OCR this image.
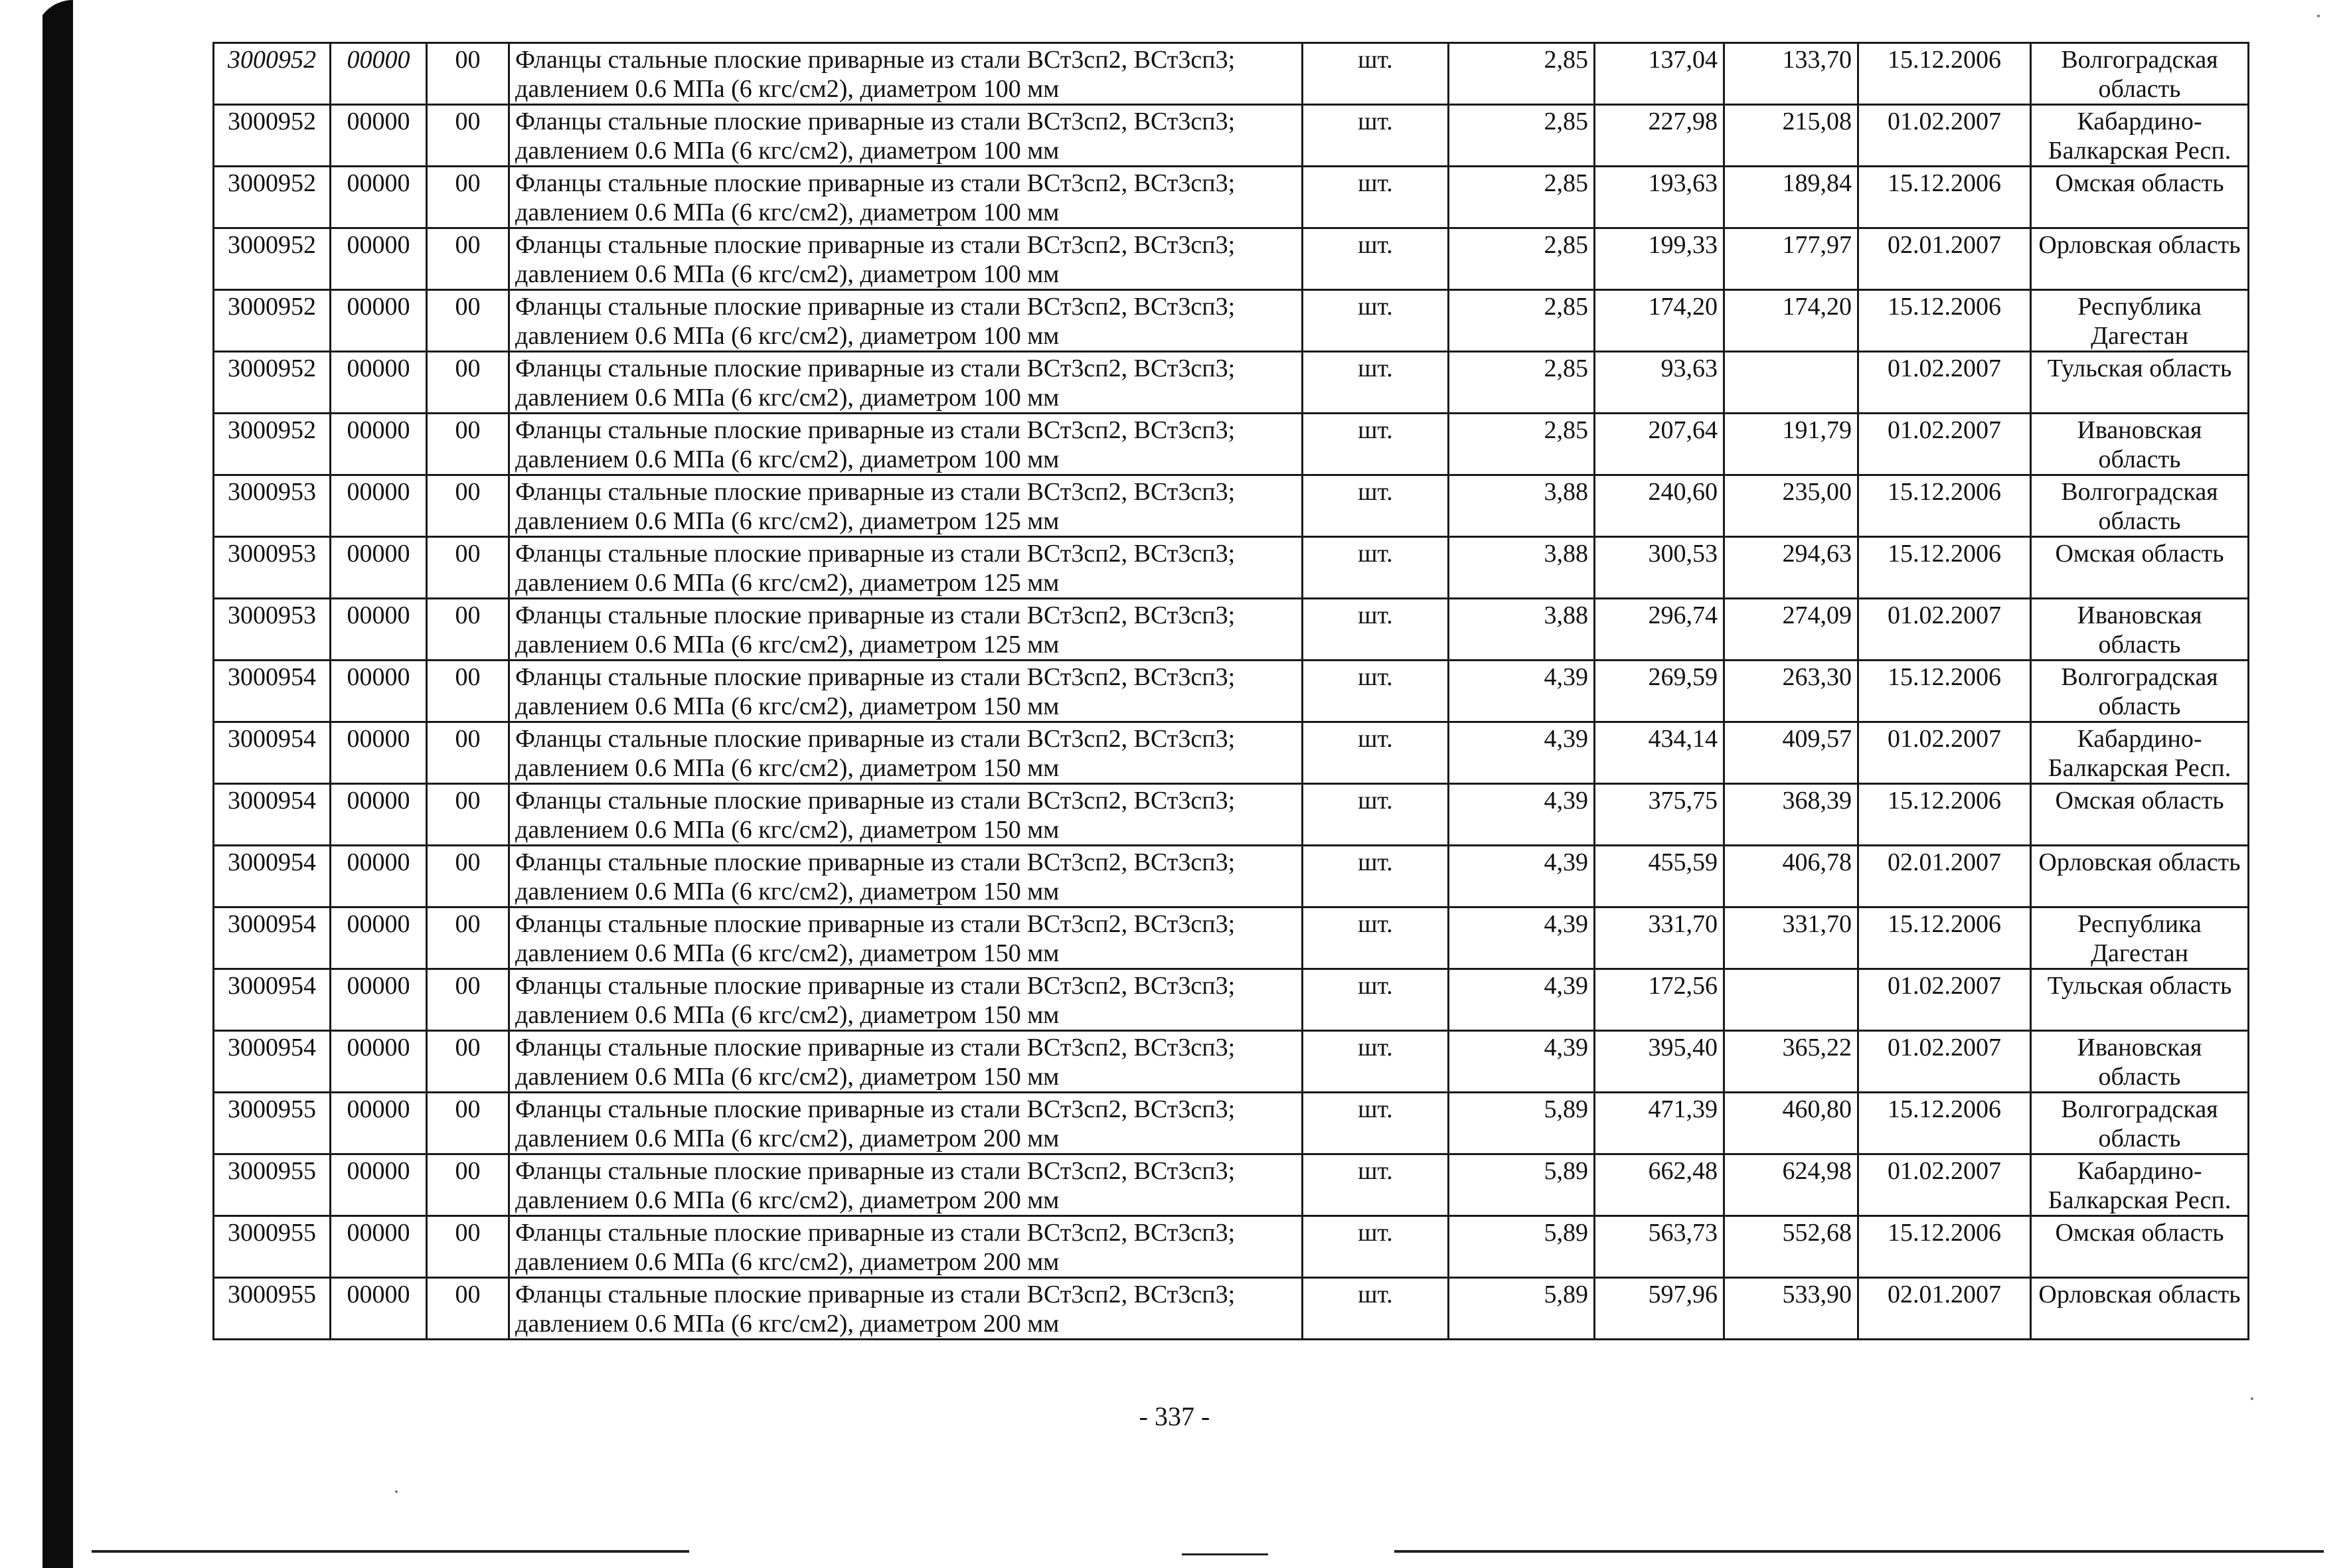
3000952	00000	00	Фланцы стальные плоские приварные из стали ВСт3сп2, ВСт3сп3; давлением 0.6 МПа (6 кгс/см2), диаметром 100 мм	шт.	2,85	137,04	133,70	15.12.2006	Волгоградская область
3000952	00000	00	Фланцы стальные плоские приварные из стали ВСт3сп2, ВСт3сп3; давлением 0.6 МПа (6 кгс/см2), диаметром 100 мм	шт.	2,85	227,98	215,08	01.02.2007	Кабардино-Балкарская Респ.
3000952	00000	00	Фланцы стальные плоские приварные из стали ВСт3сп2, ВСт3сп3; давлением 0.6 МПа (6 кгс/см2), диаметром 100 мм	шт.	2,85	193,63	189,84	15.12.2006	Омская область
3000952	00000	00	Фланцы стальные плоские приварные из стали ВСт3сп2, ВСт3сп3; давлением 0.6 МПа (6 кгс/см2), диаметром 100 мм	шт.	2,85	199,33	177,97	02.01.2007	Орловская область
3000952	00000	00	Фланцы стальные плоские приварные из стали ВСт3сп2, ВСт3сп3; давлением 0.6 МПа (6 кгс/см2), диаметром 100 мм	шт.	2,85	174,20	174,20	15.12.2006	Республика Дагестан
3000952	00000	00	Фланцы стальные плоские приварные из стали ВСт3сп2, ВСт3сп3; давлением 0.6 МПа (6 кгс/см2), диаметром 100 мм	шт.	2,85	93,63		01.02.2007	Тульская область
3000952	00000	00	Фланцы стальные плоские приварные из стали ВСт3сп2, ВСт3сп3; давлением 0.6 МПа (6 кгс/см2), диаметром 100 мм	шт.	2,85	207,64	191,79	01.02.2007	Ивановская область
3000953	00000	00	Фланцы стальные плоские приварные из стали ВСт3сп2, ВСт3сп3; давлением 0.6 МПа (6 кгс/см2), диаметром 125 мм	шт.	3,88	240,60	235,00	15.12.2006	Волгоградская область
3000953	00000	00	Фланцы стальные плоские приварные из стали ВСт3сп2, ВСт3сп3; давлением 0.6 МПа (6 кгс/см2), диаметром 125 мм	шт.	3,88	300,53	294,63	15.12.2006	Омская область
3000953	00000	00	Фланцы стальные плоские приварные из стали ВСт3сп2, ВСт3сп3; давлением 0.6 МПа (6 кгс/см2), диаметром 125 мм	шт.	3,88	296,74	274,09	01.02.2007	Ивановская область
3000954	00000	00	Фланцы стальные плоские приварные из стали ВСт3сп2, ВСт3сп3; давлением 0.6 МПа (6 кгс/см2), диаметром 150 мм	шт.	4,39	269,59	263,30	15.12.2006	Волгоградская область
3000954	00000	00	Фланцы стальные плоские приварные из стали ВСт3сп2, ВСт3сп3; давлением 0.6 МПа (6 кгс/см2), диаметром 150 мм	шт.	4,39	434,14	409,57	01.02.2007	Кабардино-Балкарская Респ.
3000954	00000	00	Фланцы стальные плоские приварные из стали ВСт3сп2, ВСт3сп3; давлением 0.6 МПа (6 кгс/см2), диаметром 150 мм	шт.	4,39	375,75	368,39	15.12.2006	Омская область
3000954	00000	00	Фланцы стальные плоские приварные из стали ВСт3сп2, ВСт3сп3; давлением 0.6 МПа (6 кгс/см2), диаметром 150 мм	шт.	4,39	455,59	406,78	02.01.2007	Орловская область
3000954	00000	00	Фланцы стальные плоские приварные из стали ВСт3сп2, ВСт3сп3; давлением 0.6 МПа (6 кгс/см2), диаметром 150 мм	шт.	4,39	331,70	331,70	15.12.2006	Республика Дагестан
3000954	00000	00	Фланцы стальные плоские приварные из стали ВСт3сп2, ВСт3сп3; давлением 0.6 МПа (6 кгс/см2), диаметром 150 мм	шт.	4,39	172,56		01.02.2007	Тульская область
3000954	00000	00	Фланцы стальные плоские приварные из стали ВСт3сп2, ВСт3сп3; давлением 0.6 МПа (6 кгс/см2), диаметром 150 мм	шт.	4,39	395,40	365,22	01.02.2007	Ивановская область
3000955	00000	00	Фланцы стальные плоские приварные из стали ВСт3сп2, ВСт3сп3; давлением 0.6 МПа (6 кгс/см2), диаметром 200 мм	шт.	5,89	471,39	460,80	15.12.2006	Волгоградская область
3000955	00000	00	Фланцы стальные плоские приварные из стали ВСт3сп2, ВСт3сп3; давлением 0.6 МПа (6 кгс/см2), диаметром 200 мм	шт.	5,89	662,48	624,98	01.02.2007	Кабардино-Балкарская Респ.
3000955	00000	00	Фланцы стальные плоские приварные из стали ВСт3сп2, ВСт3сп3; давлением 0.6 МПа (6 кгс/см2), диаметром 200 мм	шт.	5,89	563,73	552,68	15.12.2006	Омская область
3000955	00000	00	Фланцы стальные плоские приварные из стали ВСт3сп2, ВСт3сп3; давлением 0.6 МПа (6 кгс/см2), диаметром 200 мм	шт.	5,89	597,96	533,90	02.01.2007	Орловская область
- 337 -
